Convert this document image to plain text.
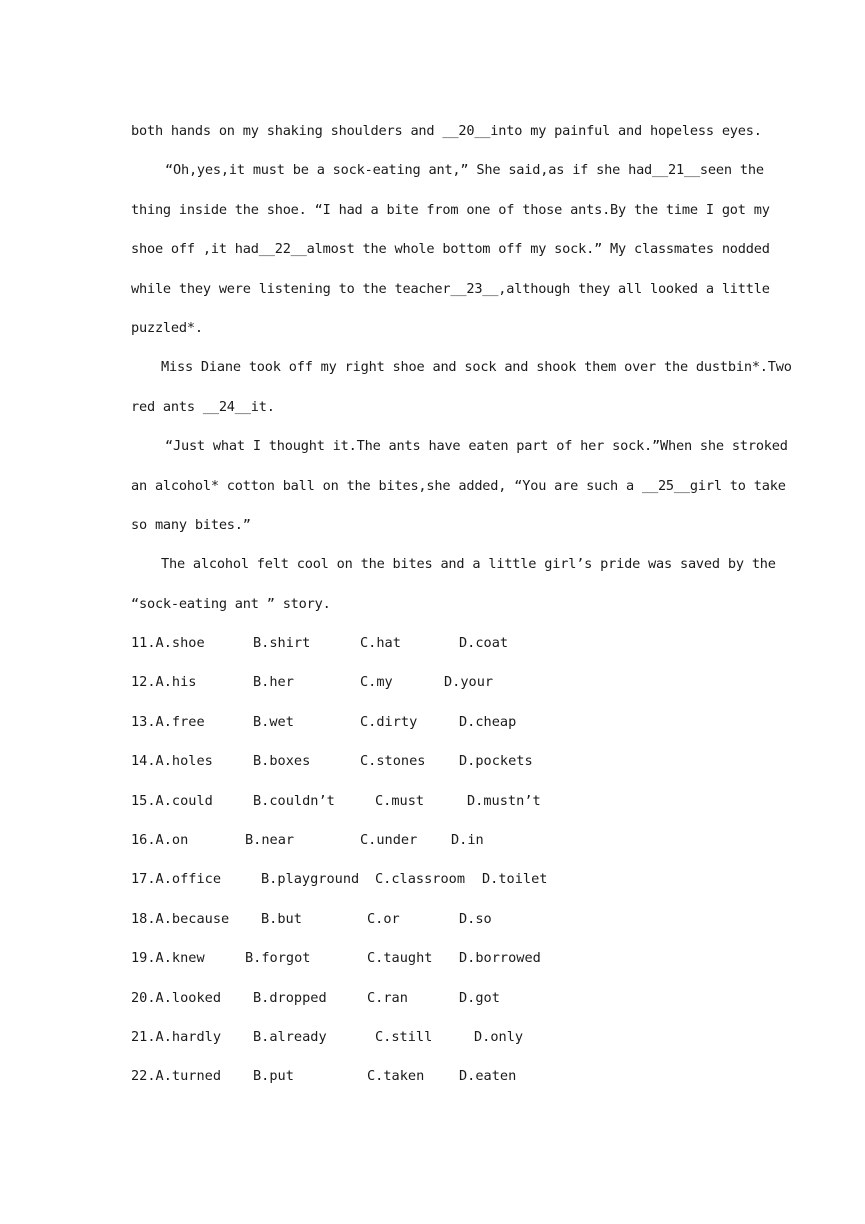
both hands on my shaking shoulders and __20__into my painful and hopeless eyes.
“Oh,yes,it must be a sock-eating ant,” She said,as if she had__21__seen the
thing inside the shoe. “I had a bite from one of those ants.By the time I got my
shoe off ,it had__22__almost the whole bottom off my sock.” My classmates nodded
while they were listening to the teacher__23__,although they all looked a little
puzzled*.
Miss Diane took off my right shoe and sock and shook them over the dustbin*.Two
red ants __24__it.
“Just what I thought it.The ants have eaten part of her sock.”When she stroked
an alcohol* cotton ball on the bites,she added, “You are such a __25__girl to take
so many bites.”
The alcohol felt cool on the bites and a little girl’s pride was saved by the
“sock-eating ant ” story.
11.A.shoe	B.shirt	C.hat	D.coat
12.A.his	B.her	C.my	D.your
13.A.free	B.wet	C.dirty	D.cheap
14.A.holes	B.boxes	C.stones D.pockets
15.A.could	B.couldn’t	C.must	D.mustn’t
16.A.on	B.near	C.under D.in
17.A.office	B.playground C.classroom D.toilet
18.A.because B.but	C.or	D.so
19.A.knew	B.forgot	C.taught D.borrowed
20.A.looked B.dropped	C.ran	D.got
21.A.hardly B.already	C.still	D.only
22.A.turned B.put	C.taken	D.eaten
